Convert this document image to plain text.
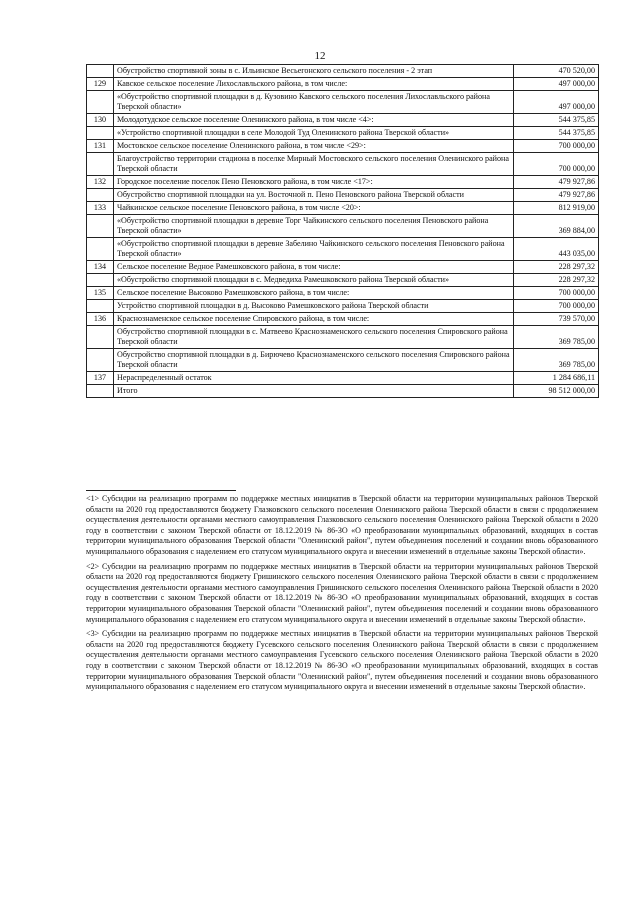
12
	Обустройство спортивной зоны в с. Ильинское Весьегонского сельского поселения - 2 этап	470 520,00
129	Кавское сельское поселение Лихославльского района, в том числе:	497 000,00
	«Обустройство спортивной площадки в д. Кузовино Кавского сельского поселения Лихославльского района Тверской области»	497 000,00
130	Молодотудское сельское поселение Оленинского района, в том числе <4>:	544 375,85
	«Устройство спортивной площадки в селе Молодой Туд Оленинского района Тверской области»	544 375,85
131	Мостовское сельское поселение Оленинского района, в том числе <29>:	700 000,00
	Благоустройство территории стадиона в поселке Мирный Мостовского сельского поселения Оленинского района Тверской области	700 000,00
132	Городское поселение поселок Пено Пеновского района, в том числе <17>:	479 927,86
	Обустройство спортивной площадки на ул. Восточной п. Пено Пеновского района Тверской области	479 927,86
133	Чайкинское сельское поселение Пеновского района, в том числе <20>:	812 919,00
	«Обустройство спортивной площадки в деревне Торг Чайкинского сельского поселения Пеновского района Тверской области»	369 884,00
	«Обустройство спортивной площадки в деревне Забелино Чайкинского сельского поселения Пеновского района Тверской области»	443 035,00
134	Сельское поселение Ведное Рамешковского района, в том числе:	228 297,32
	«Обустройство спортивной площадки в с. Медведиха Рамешковского района Тверской области»	228 297,32
135	Сельское поселение Высоково Рамешковского района, в том числе:	700 000,00
	Устройство спортивной площадки в д. Высоково Рамешковского района Тверской области	700 000,00
136	Краснознаменское сельское поселение Спировского района, в том числе:	739 570,00
	Обустройство спортивной площадки в с. Матвеево Краснознаменского сельского поселения Спировского района Тверской области	369 785,00
	Обустройство спортивной площадки в д. Бирючево Краснознаменского сельского поселения Спировского района Тверской области	369 785,00
137	Нераспределенный остаток	1 284 686,11
	Итого	98 512 000,00

<1> Субсидии на реализацию программ по поддержке местных инициатив в Тверской области на территории муниципальных районов Тверской области на 2020 год предоставляются бюджету Глазковского сельского поселения Оленинского района Тверской области в связи с продолжением осуществления деятельности органами местного самоуправления Глазковского сельского поселения Оленинского района Тверской области в 2020 году в соответствии с законом Тверской области от 18.12.2019 № 86-ЗО «О преобразовании муниципальных образований, входящих в состав территории муниципального образования Тверской области "Оленинский район", путем объединения поселений и создании вновь образованного муниципального образования с наделением его статусом муниципального округа и внесении изменений в отдельные законы Тверской области».

<2> Субсидии на реализацию программ по поддержке местных инициатив в Тверской области на территории муниципальных районов Тверской области на 2020 год предоставляются бюджету Гришинского сельского поселения Оленинского района Тверской области в связи с продолжением осуществления деятельности органами местного самоуправления Гришинского сельского поселения Оленинского района Тверской области в 2020 году в соответствии с законом Тверской области от 18.12.2019 № 86-ЗО «О преобразовании муниципальных образований, входящих в состав территории муниципального образования Тверской области "Оленинский район", путем объединения поселений и создании вновь образованного муниципального образования с наделением его статусом муниципального округа и внесении изменений в отдельные законы Тверской области».

<3> Субсидии на реализацию программ по поддержке местных инициатив в Тверской области на территории муниципальных районов Тверской области на 2020 год предоставляются бюджету Гусевского сельского поселения Оленинского района Тверской области в связи с продолжением осуществления деятельности органами местного самоуправления Гусевского сельского поселения Оленинского района Тверской области в 2020 году в соответствии с законом Тверской области от 18.12.2019 № 86-ЗО «О преобразовании муниципальных образований, входящих в состав территории муниципального образования Тверской области "Оленинский район", путем объединения поселений и создании вновь образованного муниципального образования с наделением его статусом муниципального округа и внесении изменений в отдельные законы Тверской области».
